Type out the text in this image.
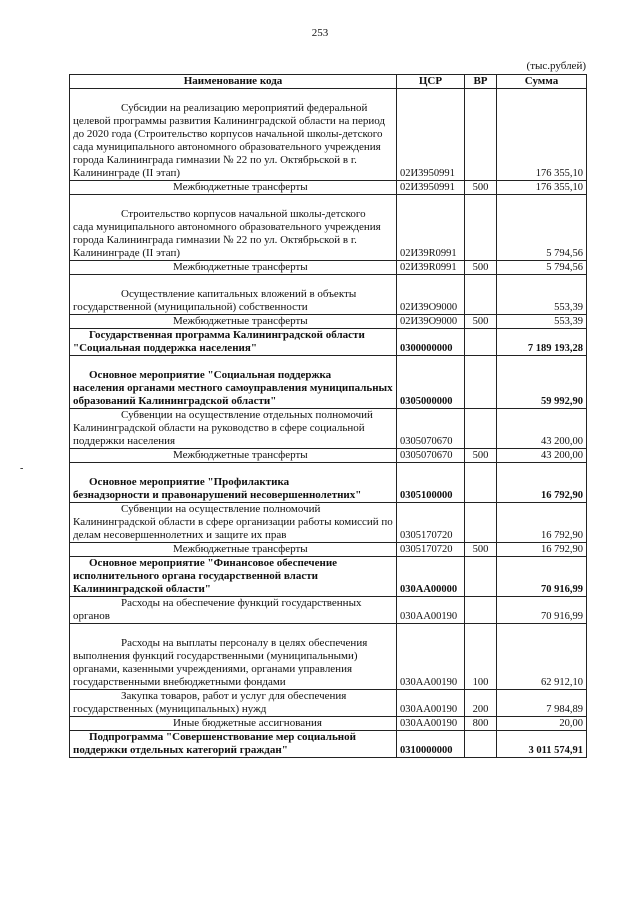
253
(тыс.рублей)
-
Наименование кода	ЦСР	ВР	Сумма

Субсидии на реализацию мероприятий федеральной
целевой программы развития Калининградской области на период до 2020 года (Строительство корпусов начальной школы-детского сада муниципального автономного образовательного учреждения города Калининграда гимназии № 22 по ул. Октябрьской в г. Калининграде (II этап)	02И3950991		176 355,10

Межбюджетные трансферты	02И3950991	500	176 355,10

Строительство корпусов начальной школы-детского
сада муниципального автономного образовательного учреждения города Калининграда гимназии № 22 по ул. Октябрьской в г. Калининграде (II этап)	02И39R0991		5 794,56

Межбюджетные трансферты	02И39R0991	500	5 794,56

Осуществление капитальных вложений в объекты
государственной (муниципальной) собственности	02И39О9000		553,39

Межбюджетные трансферты	02И39О9000	500	553,39

Государственная программа Калининградской области
"Социальная поддержка населения"	0300000000		7 189 193,28

Основное мероприятие "Социальная поддержка
населения органами местного самоуправления муниципальных образований Калининградской области"	0305000000		59 992,90

Субвенции на осуществление отдельных полномочий
Калининградской области на руководство в сфере социальной поддержки населения	0305070670		43 200,00

Межбюджетные трансферты	0305070670	500	43 200,00

Основное мероприятие "Профилактика
безнадзорности и правонарушений несовершеннолетних"	0305100000		16 792,90

Субвенции на осуществление полномочий
Калининградской области в сфере организации работы комиссий по делам несовершеннолетних и защите их прав	0305170720		16 792,90

Межбюджетные трансферты	0305170720	500	16 792,90

Основное мероприятие "Финансовое обеспечение
исполнительного органа государственной власти Калининградской области"	030АА00000		70 916,99

Расходы на обеспечение функций государственных
органов	030АА00190		70 916,99

Расходы на выплаты персоналу в целях обеспечения
выполнения функций государственными (муниципальными) органами, казенными учреждениями, органами управления государственными внебюджетными фондами	030АА00190	100	62 912,10

Закупка товаров, работ и услуг для обеспечения
государственных (муниципальных) нужд	030АА00190	200	7 984,89

Иные бюджетные ассигнования	030АА00190	800	20,00

Подпрограмма "Совершенствование мер социальной
поддержки отдельных категорий граждан"	0310000000		3 011 574,91
